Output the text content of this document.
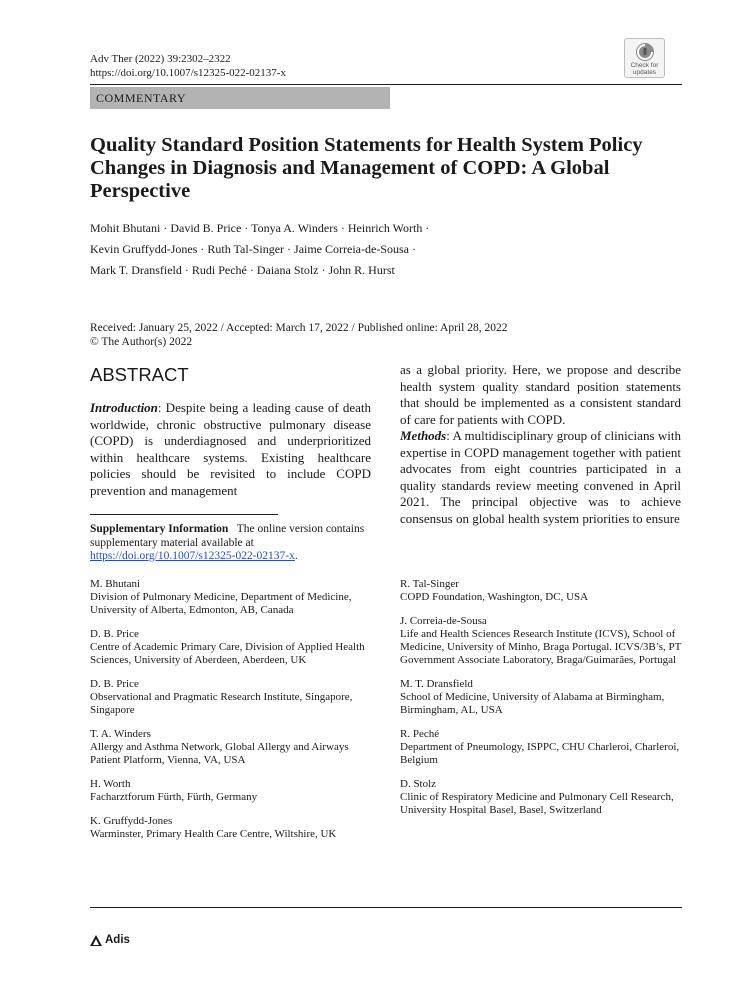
Adv Ther (2022) 39:2302–2322
https://doi.org/10.1007/s12325-022-02137-x
Check for
updates
COMMENTARY
Quality Standard Position Statements for Health System Policy Changes in Diagnosis and Management of COPD: A Global Perspective
Mohit Bhutani · David B. Price · Tonya A. Winders · Heinrich Worth ·
Kevin Gruffydd-Jones · Ruth Tal-Singer · Jaime Correia-de-Sousa ·
Mark T. Dransfield · Rudi Peché · Daiana Stolz · John R. Hurst
Received: January 25, 2022 / Accepted: March 17, 2022 / Published online: April 28, 2022
© The Author(s) 2022
ABSTRACT

Introduction: Despite being a leading cause of death worldwide, chronic obstructive pulmonary disease (COPD) is underdiagnosed and underprioritized within healthcare systems. Existing healthcare policies should be revisited to include COPD prevention and management

as a global priority. Here, we propose and describe health system quality standard position statements that should be implemented as a consistent standard of care for patients with COPD.

Methods: A multidisciplinary group of clinicians with expertise in COPD management together with patient advocates from eight countries participated in a quality standards review meeting convened in April 2021. The principal objective was to achieve consensus on global health system priorities to ensure

Supplementary Information The online version contains supplementary material available at https://doi.org/10.1007/s12325-022-02137-x.
M. Bhutani
Division of Pulmonary Medicine, Department of Medicine, University of Alberta, Edmonton, AB, Canada
D. B. Price
Centre of Academic Primary Care, Division of Applied Health Sciences, University of Aberdeen, Aberdeen, UK
D. B. Price
Observational and Pragmatic Research Institute, Singapore, Singapore
T. A. Winders
Allergy and Asthma Network, Global Allergy and Airways Patient Platform, Vienna, VA, USA
H. Worth
Facharztforum Fürth, Fürth, Germany
K. Gruffydd-Jones
Warminster, Primary Health Care Centre, Wiltshire, UK
R. Tal-Singer
COPD Foundation, Washington, DC, USA
J. Correia-de-Sousa
Life and Health Sciences Research Institute (ICVS), School of Medicine, University of Minho, Braga Portugal. ICVS/3B’s, PT Government Associate Laboratory, Braga/Guimarães, Portugal
M. T. Dransfield
School of Medicine, University of Alabama at Birmingham, Birmingham, AL, USA
R. Peché
Department of Pneumology, ISPPC, CHU Charleroi, Charleroi, Belgium
D. Stolz
Clinic of Respiratory Medicine and Pulmonary Cell Research, University Hospital Basel, Basel, Switzerland
Adis
